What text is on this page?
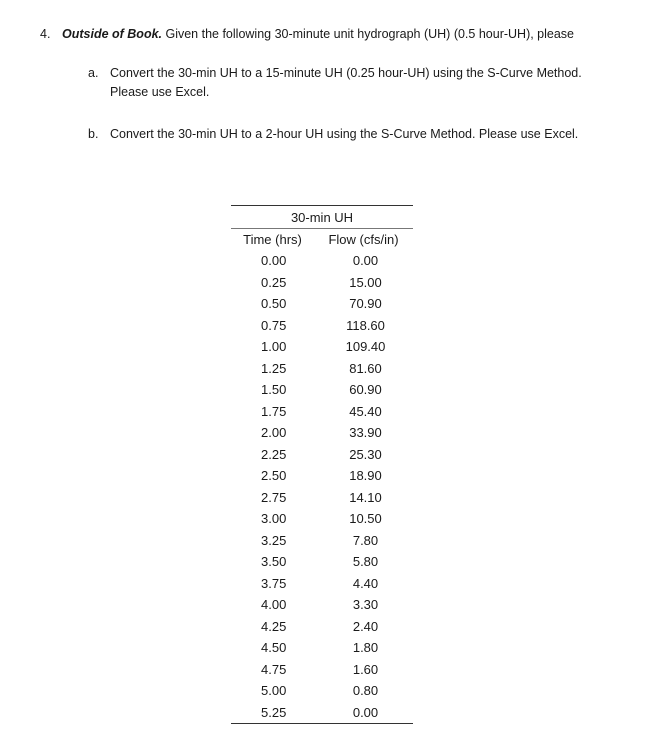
4. Outside of Book. Given the following 30-minute unit hydrograph (UH) (0.5 hour-UH), please
a. Convert the 30-min UH to a 15-minute UH (0.25 hour-UH) using the S-Curve Method.
Please use Excel.
b. Convert the 30-min UH to a 2-hour UH using the S-Curve Method. Please use Excel.
30-min UH	
Time (hrs)	Flow (cfs/in)
0.00	0.00
0.25	15.00
0.50	70.90
0.75	118.60
1.00	109.40
1.25	81.60
1.50	60.90
1.75	45.40
2.00	33.90
2.25	25.30
2.50	18.90
2.75	14.10
3.00	10.50
3.25	7.80
3.50	5.80
3.75	4.40
4.00	3.30
4.25	2.40
4.50	1.80
4.75	1.60
5.00	0.80
5.25	0.00
